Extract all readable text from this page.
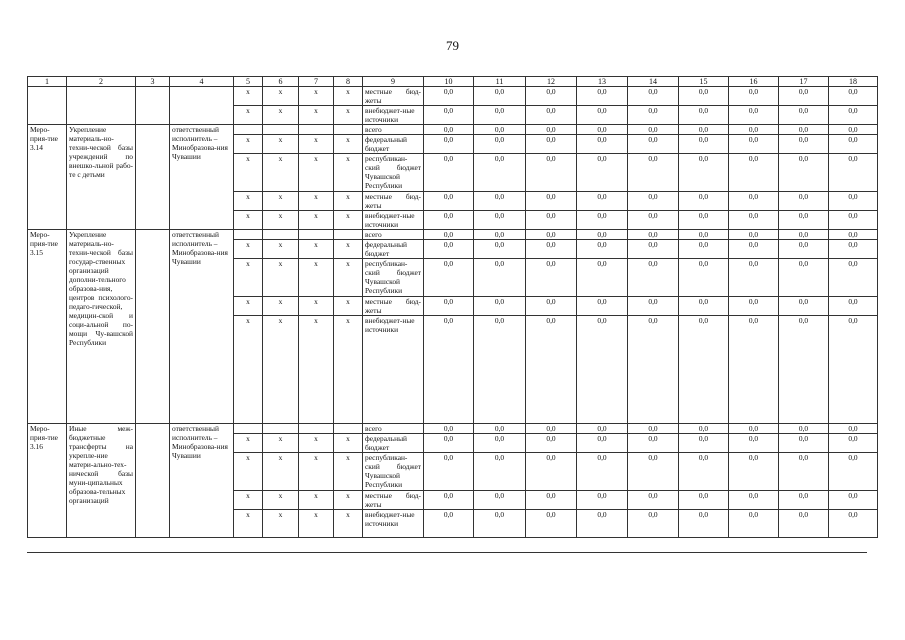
79
1	2	3	4	5	6	7	8	9	10	11	12	13	14	15	16	17	18
				x	x	x	x	местные бюд-жеты	0,0	0,0	0,0	0,0	0,0	0,0	0,0	0,0	0,0
				x	x	x	x	внебюджет-ные источники	0,0	0,0	0,0	0,0	0,0	0,0	0,0	0,0	0,0
Меро-прия-тие 3.14	Укрепление материаль-но-техни-ческой базы учреждений по внешко-льной рабо-те с детьми		ответственный исполнитель – Минобразова-ния Чувашии					всего	0,0	0,0	0,0	0,0	0,0	0,0	0,0	0,0	0,0
				x	x	x	x	федеральный бюджет	0,0	0,0	0,0	0,0	0,0	0,0	0,0	0,0	0,0
				x	x	x	x	республикан-ский бюджет Чувашской Республики	0,0	0,0	0,0	0,0	0,0	0,0	0,0	0,0	0,0
				x	x	x	x	местные бюд-жеты	0,0	0,0	0,0	0,0	0,0	0,0	0,0	0,0	0,0
				x	x	x	x	внебюджет-ные источники	0,0	0,0	0,0	0,0	0,0	0,0	0,0	0,0	0,0
Меро-прия-тие 3.15	Укрепление материаль-но-техни-ческой базы государ-ственных организаций дополни-тельного образова-ния, центров психолого-педаго-гической, медицин-ской и соци-альной по-мощи Чу-вашской Республики		ответственный исполнитель – Минобразова-ния Чувашии					всего	0,0	0,0	0,0	0,0	0,0	0,0	0,0	0,0	0,0
				x	x	x	x	федеральный бюджет	0,0	0,0	0,0	0,0	0,0	0,0	0,0	0,0	0,0
				x	x	x	x	республикан-ский бюджет Чувашской Республики	0,0	0,0	0,0	0,0	0,0	0,0	0,0	0,0	0,0
				x	x	x	x	местные бюд-жеты	0,0	0,0	0,0	0,0	0,0	0,0	0,0	0,0	0,0
				x	x	x	x	внебюджет-ные источники	0,0	0,0	0,0	0,0	0,0	0,0	0,0	0,0	0,0
Меро-прия-тие 3.16	Иные меж-бюджетные трансферты на укрепле-ние матери-ально-тех-нической базы муни-ципальных образова-тельных организаций		ответственный исполнитель – Минобразова-ния Чувашии					всего	0,0	0,0	0,0	0,0	0,0	0,0	0,0	0,0	0,0
				x	x	x	x	федеральный бюджет	0,0	0,0	0,0	0,0	0,0	0,0	0,0	0,0	0,0
				x	x	x	x	республикан-ский бюджет Чувашской Республики	0,0	0,0	0,0	0,0	0,0	0,0	0,0	0,0	0,0
				x	x	x	x	местные бюд-жеты	0,0	0,0	0,0	0,0	0,0	0,0	0,0	0,0	0,0
				x	x	x	x	внебюджет-ные источники	0,0	0,0	0,0	0,0	0,0	0,0	0,0	0,0	0,0
